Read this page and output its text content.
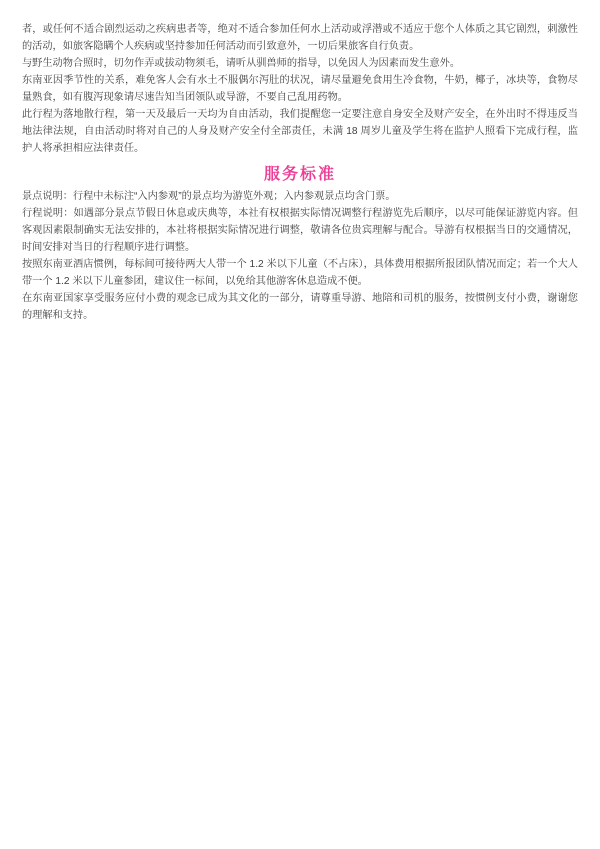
者，或任何不适合剧烈运动之疾病患者等，绝对不适合参加任何水上活动或浮潜或不适应于您个人体质之其它剧烈，刺激性的活动，如旅客隐瞒个人疾病或坚持参加任何活动而引致意外，一切后果旅客自行负责。

与野生动物合照时，切勿作弄或拔动物须毛，请听从驯兽师的指导，以免因人为因素而发生意外。

东南亚因季节性的关系，难免客人会有水土不服偶尔泻肚的状况，请尽量避免食用生冷食物，牛奶，椰子，冰块等，食物尽量熟食，如有腹泻现象请尽速告知当团领队或导游，不要自己乱用药物。

此行程为落地散行程，第一天及最后一天均为自由活动，我们提醒您一定要注意自身安全及财产安全，在外出时不得违反当地法律法规，自由活动时将对自己的人身及财产安全付全部责任，未满 18 周岁儿童及学生将在监护人照看下完成行程，监护人将承担相应法律责任。

服务标准

景点说明：行程中未标注“入内参观”的景点均为游览外观；入内参观景点均含门票。

行程说明：如遇部分景点节假日休息或庆典等，本社有权根据实际情况调整行程游览先后顺序，以尽可能保证游览内容。但客观因素限制确实无法安排的，本社将根据实际情况进行调整，敬请各位贵宾理解与配合。导游有权根据当日的交通情况，时间安排对当日的行程顺序进行调整。

按照东南亚酒店惯例，每标间可接待两大人带一个 1.2 米以下儿童（不占床），具体费用根据所报团队情况而定；若一个大人带一个 1.2 米以下儿童参团，建议住一标间，以免给其他游客休息造成不便。

在东南亚国家享受服务应付小费的观念已成为其文化的一部分，请尊重导游、地陪和司机的服务，按惯例支付小费，谢谢您的理解和支持。
